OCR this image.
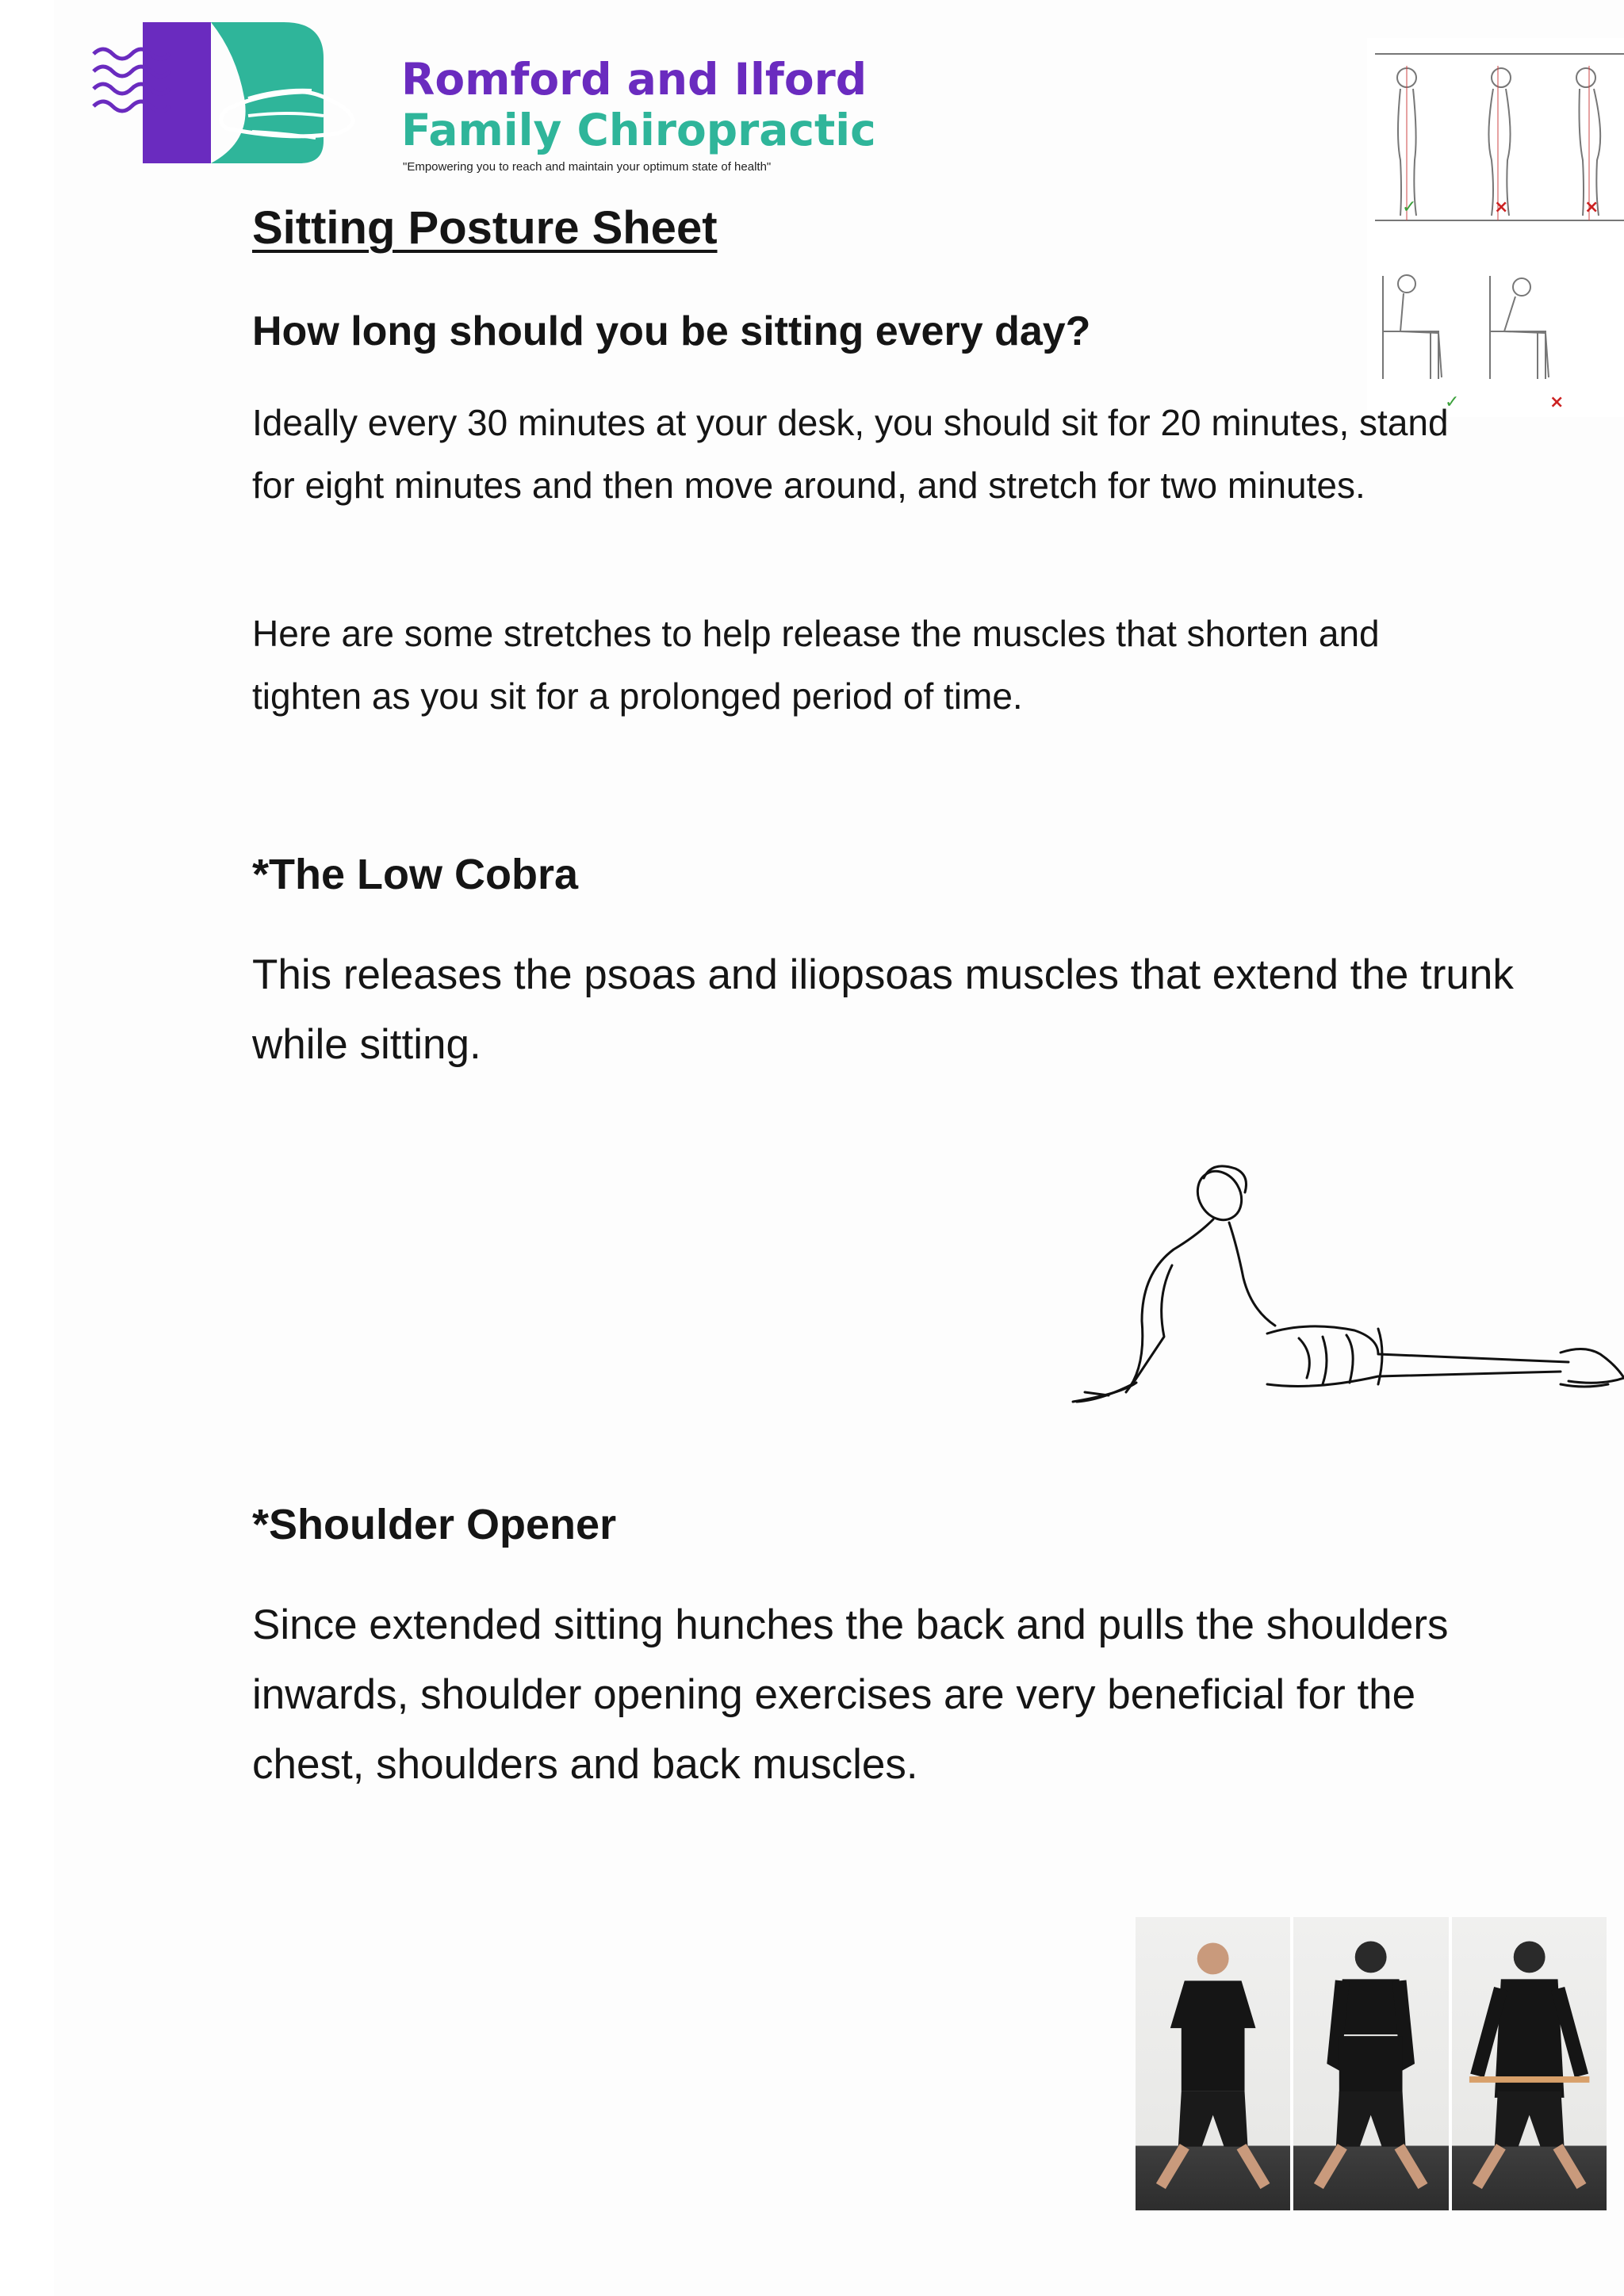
Romford and Ilford
Family Chiropractic
"Empowering you to reach and maintain your optimum state of health"
✓	×	×
✓	×
Sitting Posture Sheet
How long should you be sitting every day?
Ideally every 30 minutes at your desk, you should sit for 20 minutes, stand for eight minutes and then move around, and stretch for two minutes.
Here are some stretches to help release the muscles that shorten and tighten as you sit for a prolonged period of time.
*The Low Cobra
This releases the psoas and iliopsoas muscles that extend the trunk while sitting.
*Shoulder Opener
Since extended sitting hunches the back and pulls the shoulders inwards, shoulder opening exercises are very beneficial for the chest, shoulders and back muscles.
